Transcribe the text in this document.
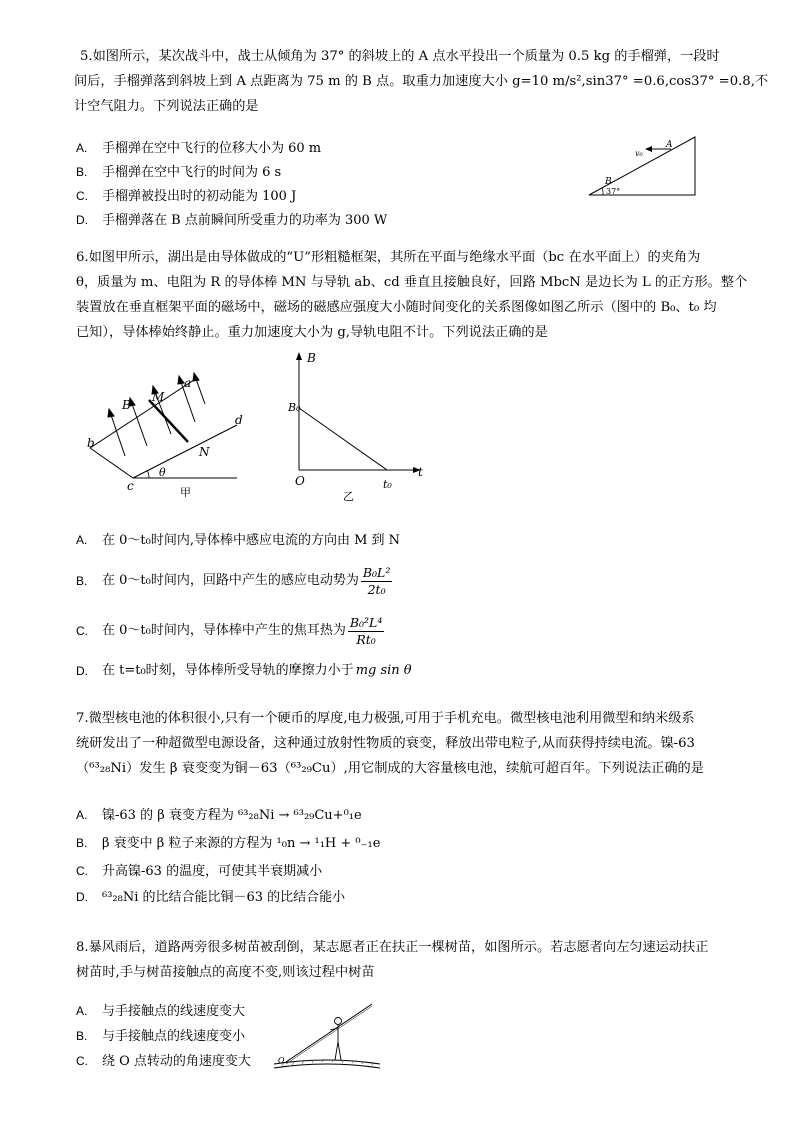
5.如图所示，某次战斗中，战士从倾角为 37° 的斜坡上的 A 点水平投出一个质量为 0.5 kg 的手榴弹，一段时
间后，手榴弹落到斜坡上到 A 点距离为 75 m 的 B 点。取重力加速度大小 g=10 m/s²,sin37° =0.6,cos37° =0.8,不
计空气阻力。下列说法正确的是
A. 手榴弹在空中飞行的位移大小为 60 m
B. 手榴弹在空中飞行的时间为 6 s
C. 手榴弹被投出时的初动能为 100 J
D. 手榴弹落在 B 点前瞬间所受重力的功率为 300 W
v₀
A
B
37°
6.如图甲所示，湖出是由导体做成的“U”形粗糙框架，其所在平面与绝缘水平面（bc 在水平面上）的夹角为
θ，质量为 m、电阻为 R 的导体棒 MN 与导轨 ab、cd 垂直且接触良好，回路 MbcN 是边长为 L 的正方形。整个
装置放在垂直框架平面的磁场中，磁场的磁感应强度大小随时间变化的关系图像如图乙所示（图中的 B₀、t₀ 均
已知），导体棒始终静止。重力加速度大小为 g,导轨电阻不计。下列说法正确的是
B
M
a
b
N
d
c
θ
甲
B
B₀
O
t
t₀
乙
A. 在 0～t₀时间内,导体棒中感应电流的方向由 M 到 N
B.	在 0～t₀时间内，回路中产生的感应电动势为 $\frac{\text{B₀L²}}{\text{2t₀}}$
C.	在 0～t₀时间内，导体棒中产生的焦耳热为 $\frac{\text{B₀²L⁴}}{\text{Rt₀}}$
D.	在 t=t₀时刻，导体棒所受导轨的摩擦力小于 mg sin θ
7.微型核电池的体积很小,只有一个硬币的厚度,电力极强,可用于手机充电。微型核电池利用微型和纳米级系
统研发出了一种超微型电源设备，这种通过放射性物质的衰变，释放出带电粒子,从而获得持续电流。镍-63
（⁶³₂₈Ni）发生 β 衰变变为铜－63（⁶³₂₉Cu）,用它制成的大容量核电池，续航可超百年。下列说法正确的是
A. 镍-63 的 β 衰变方程为 ⁶³₂₈Ni → ⁶³₂₉Cu+⁰₁e
B. β 衰变中 β 粒子来源的方程为 ¹₀n → ¹₁H + ⁰₋₁e
C. 升高镍-63 的温度，可使其半衰期减小
D. ⁶³₂₈Ni 的比结合能比铜－63 的比结合能小
8.暴风雨后，道路两旁很多树苗被刮倒，某志愿者正在扶正一棵树苗，如图所示。若志愿者向左匀速运动扶正
树苗时,手与树苗接触点的高度不变,则该过程中树苗
A. 与手接触点的线速度变大
B. 与手接触点的线速度变小
C. 绕 O 点转动的角速度变大	O
